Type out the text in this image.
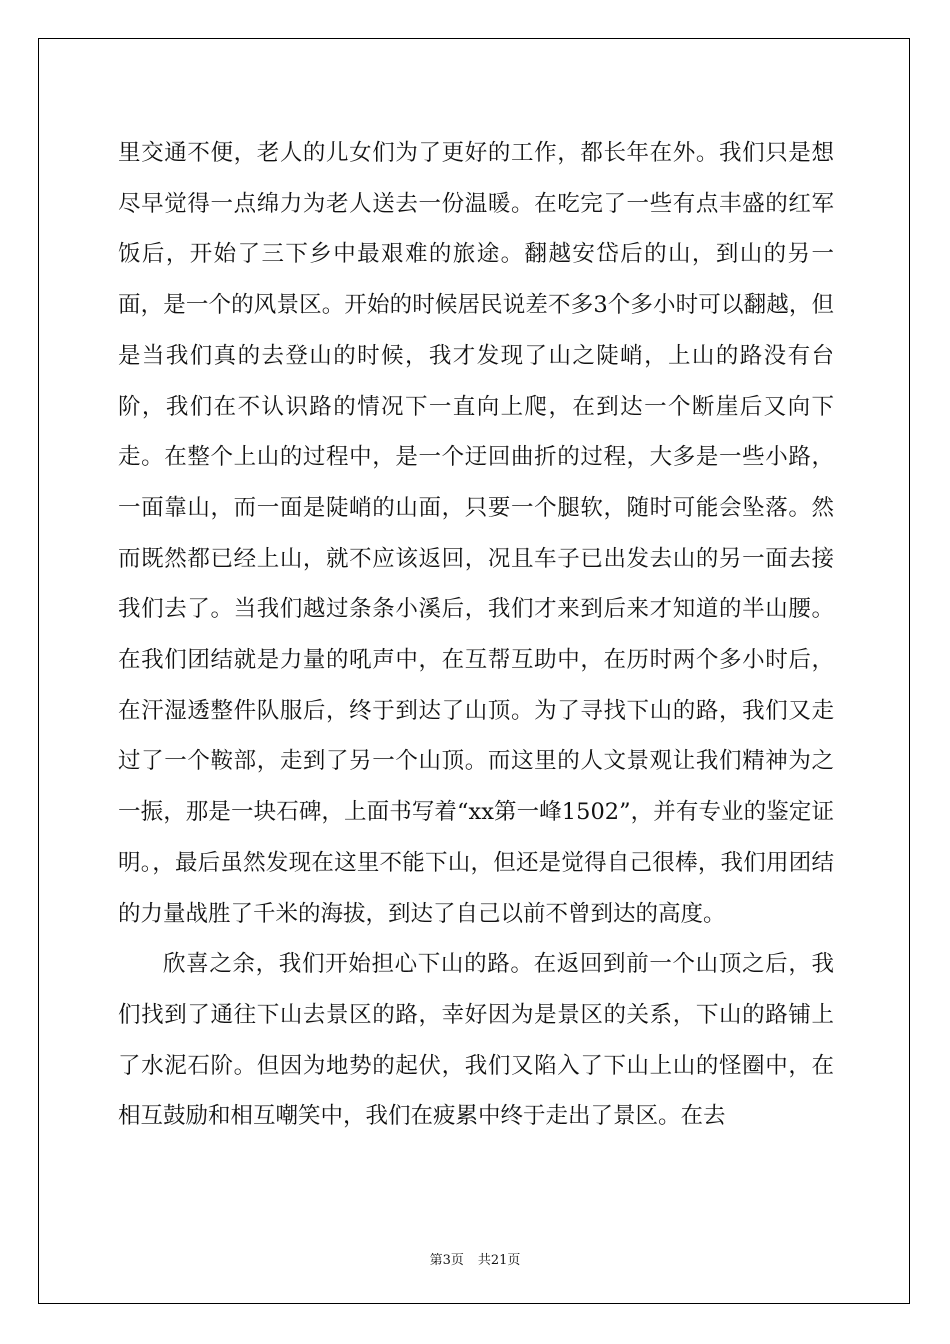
里交通不便，老人的儿女们为了更好的工作，都长年在外。我们只是想尽早觉得一点绵力为老人送去一份温暖。在吃完了一些有点丰盛的红军饭后，开始了三下乡中最艰难的旅途。翻越安岱后的山，到山的另一面，是一个的风景区。开始的时候居民说差不多3个多小时可以翻越，但是当我们真的去登山的时候，我才发现了山之陡峭，上山的路没有台阶，我们在不认识路的情况下一直向上爬，在到达一个断崖后又向下走。在整个上山的过程中，是一个迂回曲折的过程，大多是一些小路，一面靠山，而一面是陡峭的山面，只要一个腿软，随时可能会坠落。然而既然都已经上山，就不应该返回，况且车子已出发去山的另一面去接我们去了。当我们越过条条小溪后，我们才来到后来才知道的半山腰。在我们团结就是力量的吼声中，在互帮互助中，在历时两个多小时后，在汗湿透整件队服后，终于到达了山顶。为了寻找下山的路，我们又走过了一个鞍部，走到了另一个山顶。而这里的人文景观让我们精神为之一振，那是一块石碑，上面书写着“xx第一峰1502”，并有专业的鉴定证明。，最后虽然发现在这里不能下山，但还是觉得自己很棒，我们用团结的力量战胜了千米的海拔，到达了自己以前不曾到达的高度。

欣喜之余，我们开始担心下山的路。在返回到前一个山顶之后，我们找到了通往下山去景区的路，幸好因为是景区的关系，下山的路铺上了水泥石阶。但因为地势的起伏，我们又陷入了下山上山的怪圈中，在相互鼓励和相互嘲笑中，我们在疲累中终于走出了景区。在去

第3页 共21页
